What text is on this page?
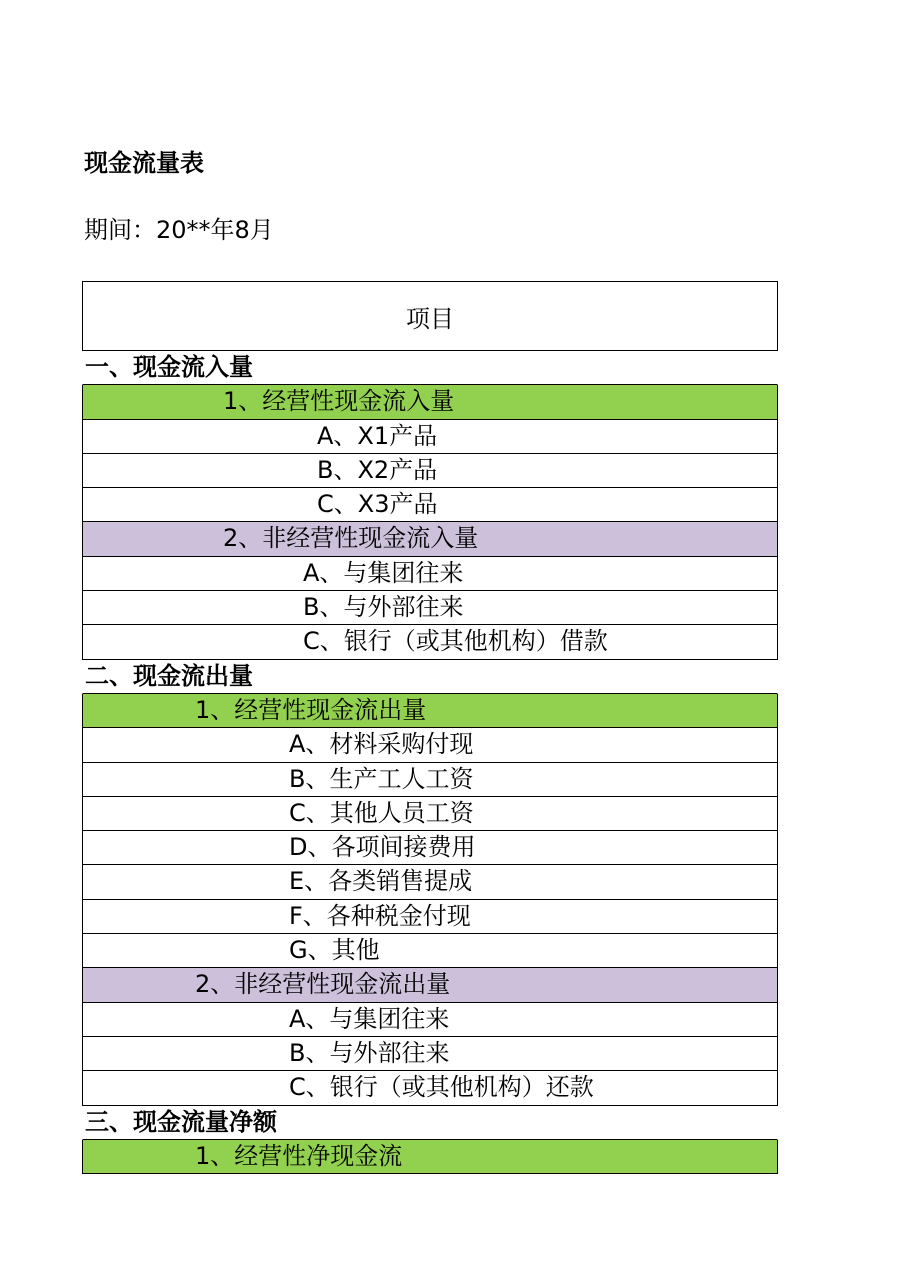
现金流量表
期间：20**年8月
项目
一、现金流入量
1、经营性现金流入量
A、X1产品
B、X2产品
C、X3产品
2、非经营性现金流入量
A、与集团往来
B、与外部往来
C、银行（或其他机构）借款
二、现金流出量
1、经营性现金流出量
A、材料采购付现
B、生产工人工资
C、其他人员工资
D、各项间接费用
E、各类销售提成
F、各种税金付现
G、其他
2、非经营性现金流出量
A、与集团往来
B、与外部往来
C、银行（或其他机构）还款
三、现金流量净额
1、经营性净现金流
